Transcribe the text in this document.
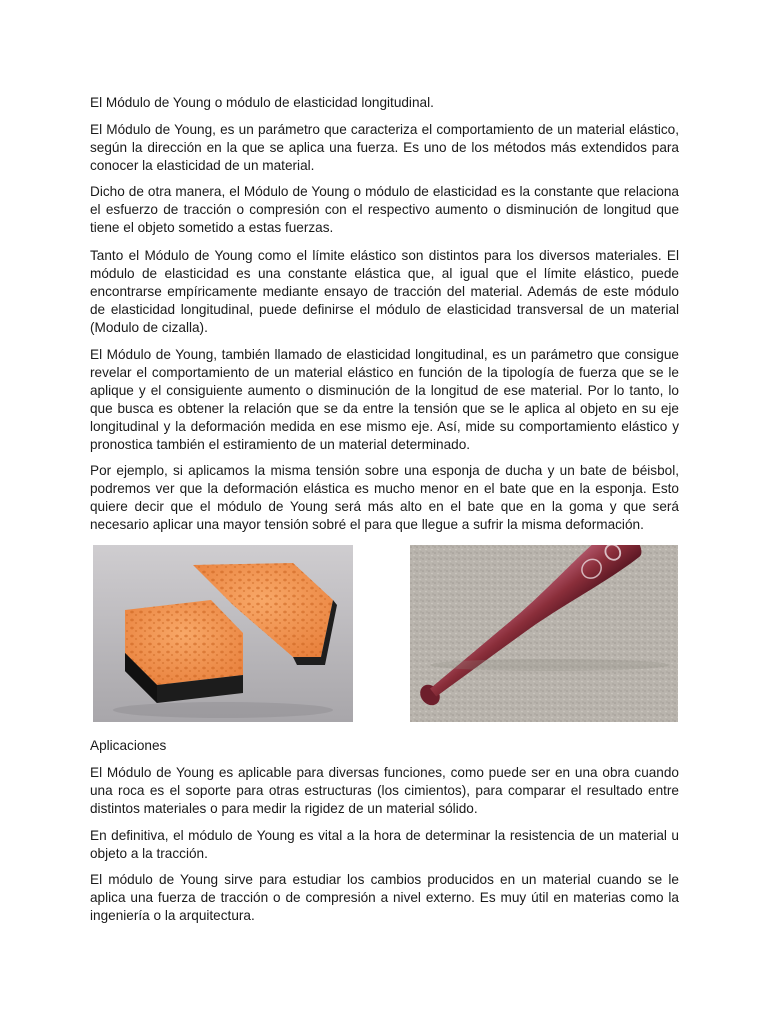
El Módulo de Young o módulo de elasticidad longitudinal.

El Módulo de Young, es un parámetro que caracteriza el comportamiento de un material elástico, según la dirección en la que se aplica una fuerza. Es uno de los métodos más extendidos para conocer la elasticidad de un material.

Dicho de otra manera, el Módulo de Young o módulo de elasticidad es la constante que relaciona el esfuerzo de tracción o compresión con el respectivo aumento o disminución de longitud que tiene el objeto sometido a estas fuerzas.

Tanto el Módulo de Young como el límite elástico son distintos para los diversos materiales. El módulo de elasticidad es una constante elástica que, al igual que el límite elástico, puede encontrarse empíricamente mediante ensayo de tracción del material. Además de este módulo de elasticidad longitudinal, puede definirse el módulo de elasticidad transversal de un material (Modulo de cizalla).

El Módulo de Young, también llamado de elasticidad longitudinal, es un parámetro que consigue revelar el comportamiento de un material elástico en función de la tipología de fuerza que se le aplique y el consiguiente aumento o disminución de la longitud de ese material. Por lo tanto, lo que busca es obtener la relación que se da entre la tensión que se le aplica al objeto en su eje longitudinal y la deformación medida en ese mismo eje. Así, mide su comportamiento elástico y pronostica también el estiramiento de un material determinado.

Por ejemplo, si aplicamos la misma tensión sobre una esponja de ducha y un bate de béisbol, podremos ver que la deformación elástica es mucho menor en el bate que en la esponja. Esto quiere decir que el módulo de Young será más alto en el bate que en la goma y que será necesario aplicar una mayor tensión sobré el para que llegue a sufrir la misma deformación.

Aplicaciones

El Módulo de Young es aplicable para diversas funciones, como puede ser en una obra cuando una roca es el soporte para otras estructuras (los cimientos), para comparar el resultado entre distintos materiales o para medir la rigidez de un material sólido.

En definitiva, el módulo de Young es vital a la hora de determinar la resistencia de un material u objeto a la tracción.

El módulo de Young sirve para estudiar los cambios producidos en un material cuando se le aplica una fuerza de tracción o de compresión a nivel externo. Es muy útil en materias como la ingeniería o la arquitectura.
